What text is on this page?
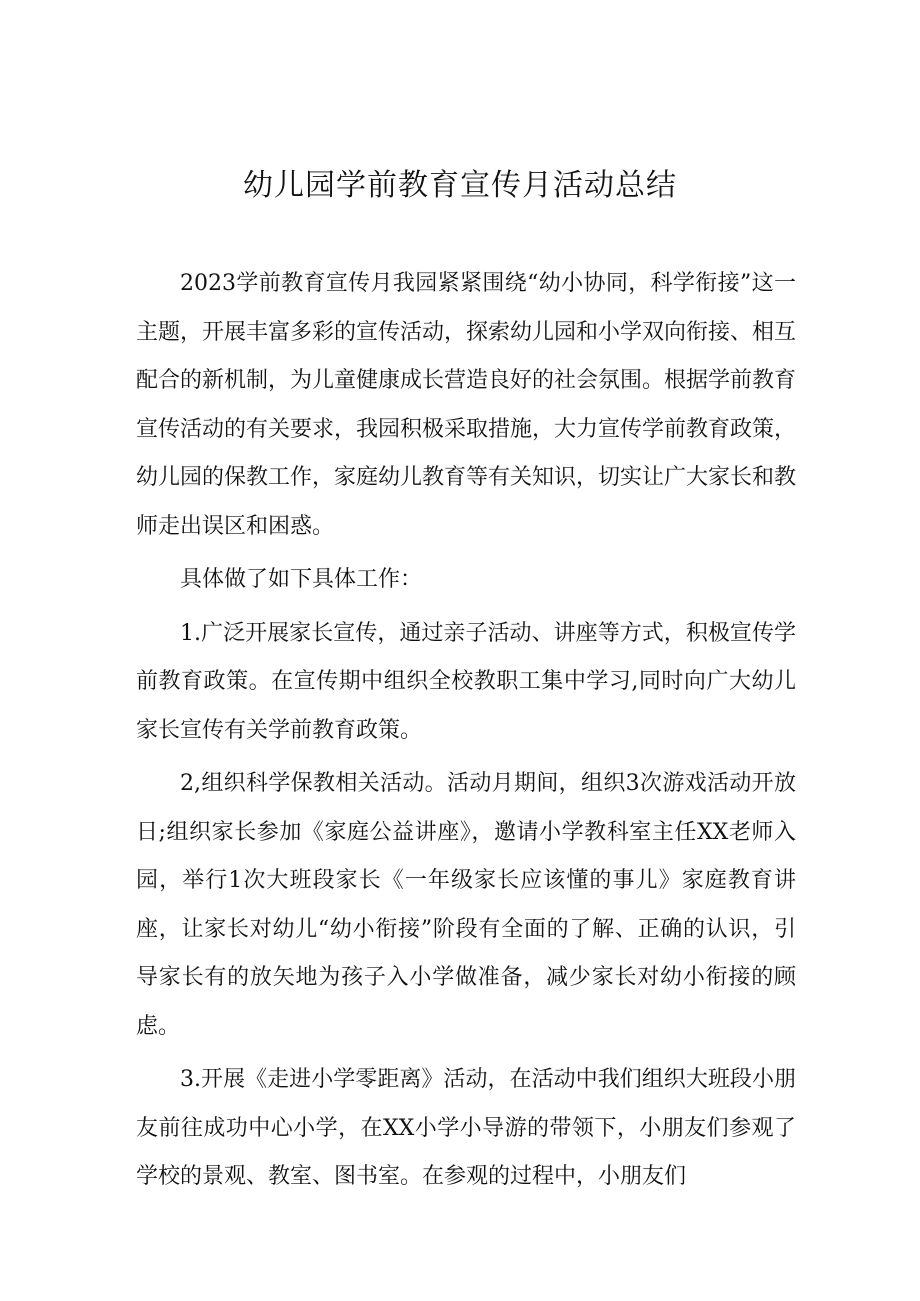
幼儿园学前教育宣传月活动总结

2023学前教育宣传月我园紧紧围绕“幼小协同，科学衔接”这一主题，开展丰富多彩的宣传活动，探索幼儿园和小学双向衔接、相互配合的新机制，为儿童健康成长营造良好的社会氛围。根据学前教育宣传活动的有关要求，我园积极采取措施，大力宣传学前教育政策，幼儿园的保教工作，家庭幼儿教育等有关知识，切实让广大家长和教师走出误区和困惑。

具体做了如下具体工作：

1.广泛开展家长宣传，通过亲子活动、讲座等方式，积极宣传学前教育政策。在宣传期中组织全校教职工集中学习,同时向广大幼儿家长宣传有关学前教育政策。

2,组织科学保教相关活动。活动月期间，组织3次游戏活动开放日;组织家长参加《家庭公益讲座》，邀请小学教科室主任XX老师入园，举行1次大班段家长《一年级家长应该懂的事儿》家庭教育讲座，让家长对幼儿“幼小衔接”阶段有全面的了解、正确的认识，引导家长有的放矢地为孩子入小学做准备，减少家长对幼小衔接的顾虑。

3.开展《走进小学零距离》活动，在活动中我们组织大班段小朋友前往成功中心小学，在XX小学小导游的带领下，小朋友们参观了学校的景观、教室、图书室。在参观的过程中，小朋友们
